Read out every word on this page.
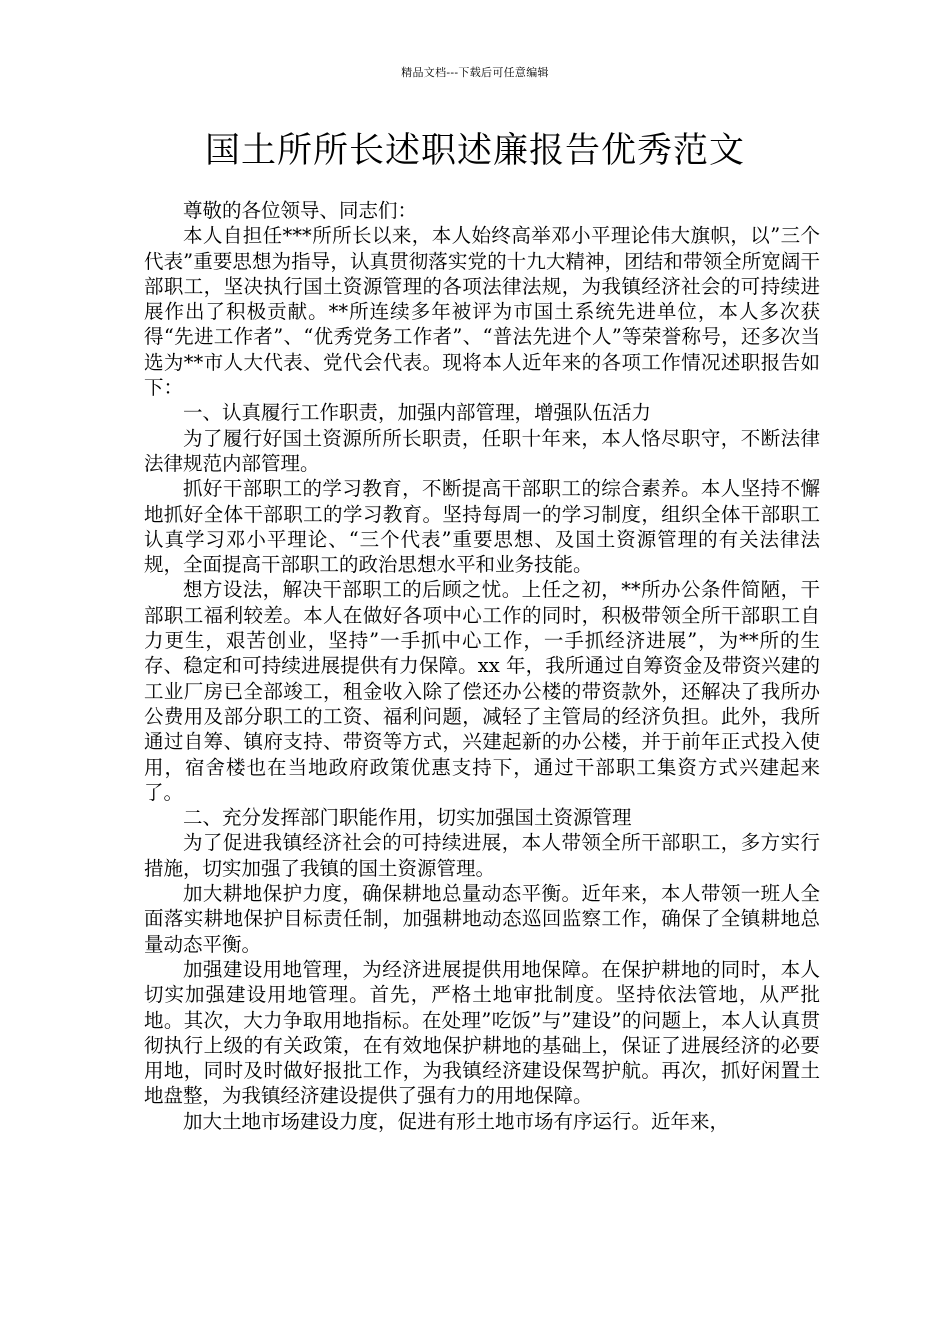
精品文档---下载后可任意编辑
国土所所长述职述廉报告优秀范文

尊敬的各位领导、同志们：

本人自担任***所所长以来，本人始终高举邓小平理论伟大旗帜，以”三个代表”重要思想为指导，认真贯彻落实党的十九大精神，团结和带领全所宽阔干部职工，坚决执行国土资源管理的各项法律法规，为我镇经济社会的可持续进展作出了积极贡献。**所连续多年被评为市国土系统先进单位，本人多次获得“先进工作者”、“优秀党务工作者”、“普法先进个人”等荣誉称号，还多次当选为**市人大代表、党代会代表。现将本人近年来的各项工作情况述职报告如下：

一、认真履行工作职责，加强内部管理，增强队伍活力

为了履行好国土资源所所长职责，任职十年来，本人恪尽职守，不断法律法律规范内部管理。

抓好干部职工的学习教育，不断提高干部职工的综合素养。本人坚持不懈地抓好全体干部职工的学习教育。坚持每周一的学习制度，组织全体干部职工认真学习邓小平理论、“三个代表”重要思想、及国土资源管理的有关法律法规，全面提高干部职工的政治思想水平和业务技能。

想方设法，解决干部职工的后顾之忧。上任之初，**所办公条件简陋，干部职工福利较差。本人在做好各项中心工作的同时，积极带领全所干部职工自力更生，艰苦创业，坚持”一手抓中心工作，一手抓经济进展”，为**所的生存、稳定和可持续进展提供有力保障。xx 年，我所通过自筹资金及带资兴建的工业厂房已全部竣工，租金收入除了偿还办公楼的带资款外，还解决了我所办公费用及部分职工的工资、福利问题，减轻了主管局的经济负担。此外，我所通过自筹、镇府支持、带资等方式，兴建起新的办公楼，并于前年正式投入使用，宿舍楼也在当地政府政策优惠支持下，通过干部职工集资方式兴建起来了。

二、充分发挥部门职能作用，切实加强国土资源管理

为了促进我镇经济社会的可持续进展，本人带领全所干部职工，多方实行措施，切实加强了我镇的国土资源管理。

加大耕地保护力度，确保耕地总量动态平衡。近年来，本人带领一班人全面落实耕地保护目标责任制，加强耕地动态巡回监察工作，确保了全镇耕地总量动态平衡。

加强建设用地管理，为经济进展提供用地保障。在保护耕地的同时，本人切实加强建设用地管理。首先，严格土地审批制度。坚持依法管地，从严批地。其次，大力争取用地指标。在处理”吃饭”与”建设”的问题上，本人认真贯彻执行上级的有关政策，在有效地保护耕地的基础上，保证了进展经济的必要用地，同时及时做好报批工作，为我镇经济建设保驾护航。再次，抓好闲置土地盘整，为我镇经济建设提供了强有力的用地保障。

加大土地市场建设力度，促进有形土地市场有序运行。近年来，
